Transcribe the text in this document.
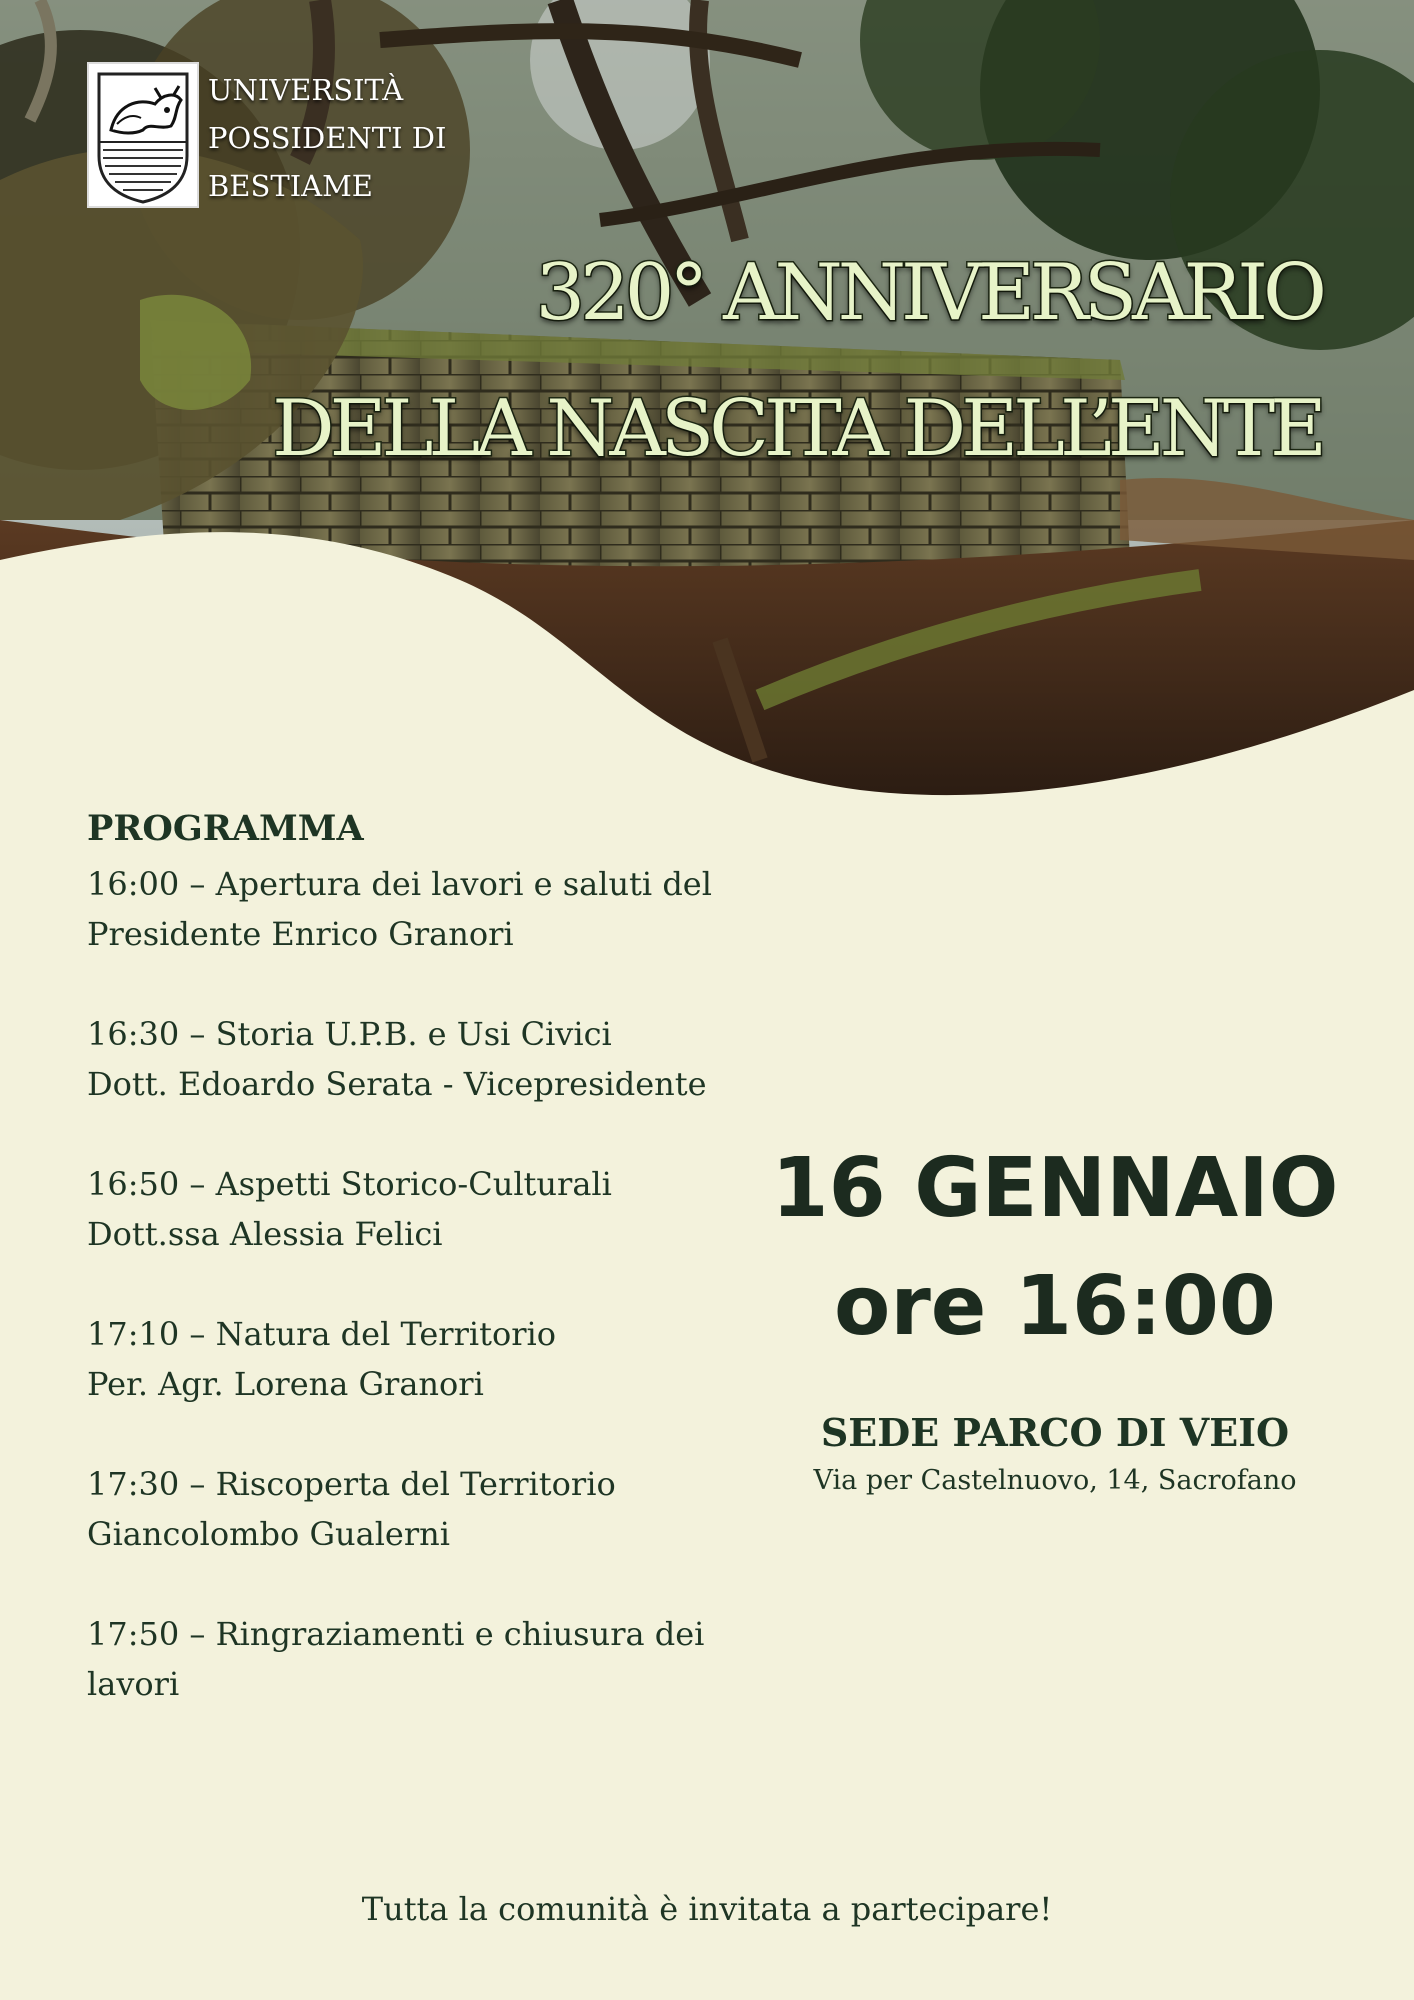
UNIVERSITÀ
POSSIDENTI DI
BESTIAME
320° ANNIVERSARIO
DELLA NASCITA DELL’ENTE
PROGRAMMA
16:00 – Apertura dei lavori e saluti del
Presidente Enrico Granori
16:30 – Storia U.P.B. e Usi Civici
Dott. Edoardo Serata - Vicepresidente
16:50 – Aspetti Storico-Culturali
Dott.ssa Alessia Felici
17:10 – Natura del Territorio
Per. Agr. Lorena Granori
17:30 – Riscoperta del Territorio
Giancolombo Gualerni
17:50 – Ringraziamenti e chiusura dei
lavori
16 GENNAIO
ore 16:00
SEDE PARCO DI VEIO
Via per Castelnuovo, 14, Sacrofano
Tutta la comunità è invitata a partecipare!
